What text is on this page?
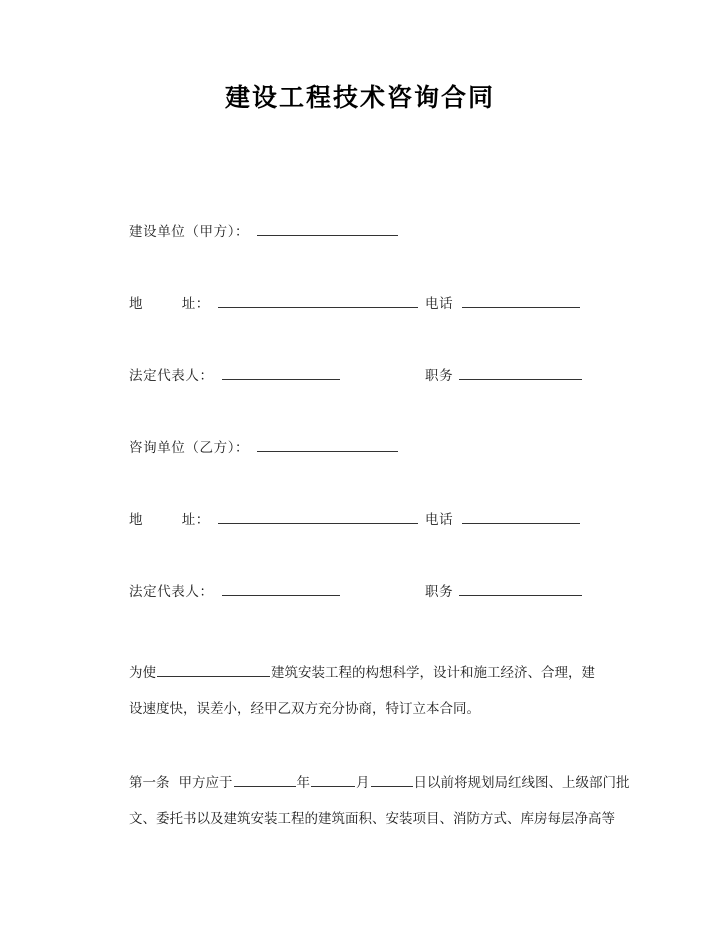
建设工程技术咨询合同
建设单位（甲方）：
地	址：	电话
法定代表人：	职务
咨询单位（乙方）：
地	址：	电话
法定代表人：	职务
为使	建筑安装工程的构想科学，设计和施工经济、合理，建
设速度快，误差小，经甲乙双方充分协商，特订立本合同。
第一条 甲方应于	年	月	日以前将规划局红线图、上级部门批
文、委托书以及建筑安装工程的建筑面积、安装项目、消防方式、库房每层净高等
